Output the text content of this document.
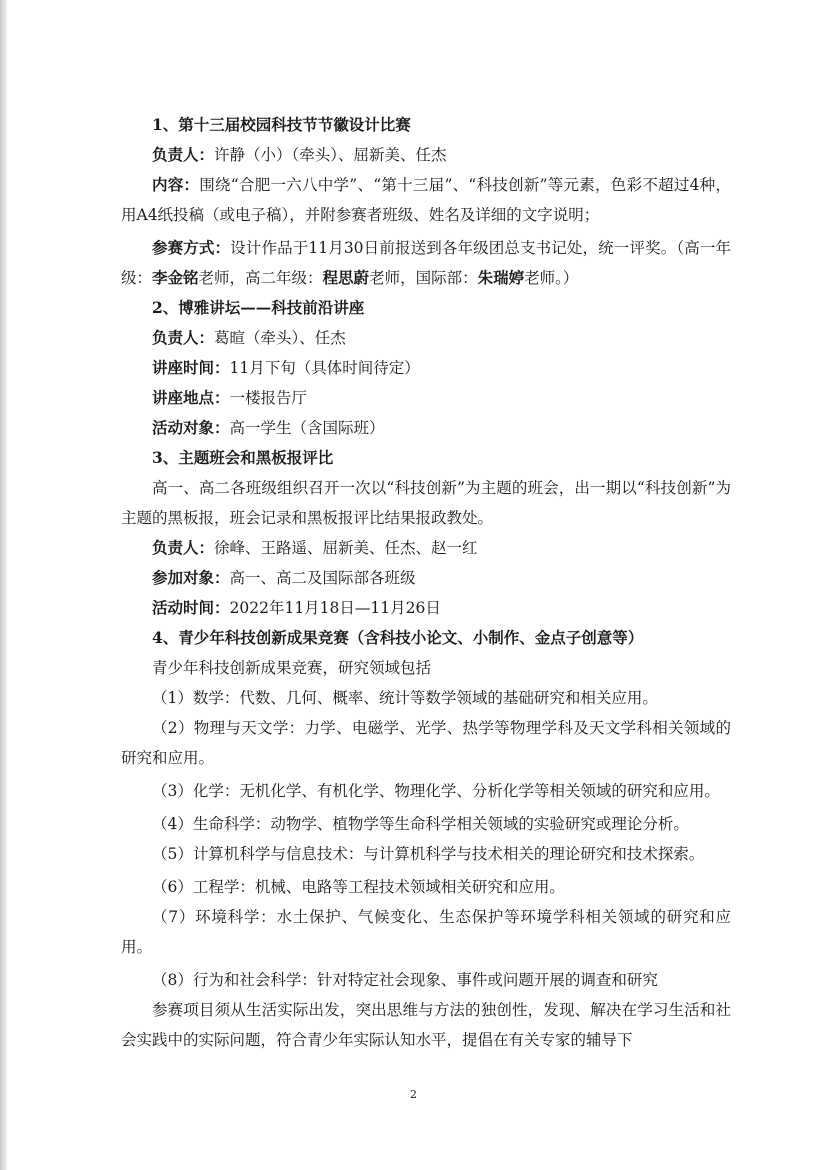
1、第十三届校园科技节节徽设计比赛

负责人：许静（小）（牵头）、屈新美、任杰

内容：围绕“合肥一六八中学”、“第十三届”、“科技创新”等元素，色彩不超过4种，用A4纸投稿（或电子稿），并附参赛者班级、姓名及详细的文字说明；

参赛方式：设计作品于11月30日前报送到各年级团总支书记处，统一评奖。（高一年级：李金铭老师，高二年级：程思蔚老师，国际部：朱瑞婷老师。）

2、博雅讲坛——科技前沿讲座

负责人：葛暄（牵头）、任杰

讲座时间：11月下旬（具体时间待定）

讲座地点：一楼报告厅

活动对象：高一学生（含国际班）

3、主题班会和黑板报评比

高一、高二各班级组织召开一次以“科技创新”为主题的班会，出一期以“科技创新”为主题的黑板报，班会记录和黑板报评比结果报政教处。

负责人：徐峰、王路遥、屈新美、任杰、赵一红

参加对象：高一、高二及国际部各班级

活动时间：2022年11月18日—11月26日

4、青少年科技创新成果竞赛（含科技小论文、小制作、金点子创意等）

青少年科技创新成果竞赛，研究领域包括

（1）数学：代数、几何、概率、统计等数学领域的基础研究和相关应用。

（2）物理与天文学：力学、电磁学、光学、热学等物理学科及天文学科相关领域的研究和应用。

（3）化学：无机化学、有机化学、物理化学、分析化学等相关领域的研究和应用。

（4）生命科学：动物学、植物学等生命科学相关领域的实验研究或理论分析。

（5）计算机科学与信息技术：与计算机科学与技术相关的理论研究和技术探索。

（6）工程学：机械、电路等工程技术领域相关研究和应用。

（7）环境科学：水土保护、气候变化、生态保护等环境学科相关领域的研究和应用。

（8）行为和社会科学：针对特定社会现象、事件或问题开展的调查和研究

参赛项目须从生活实际出发，突出思维与方法的独创性，发现、解决在学习生活和社会实践中的实际问题，符合青少年实际认知水平，提倡在有关专家的辅导下

2
